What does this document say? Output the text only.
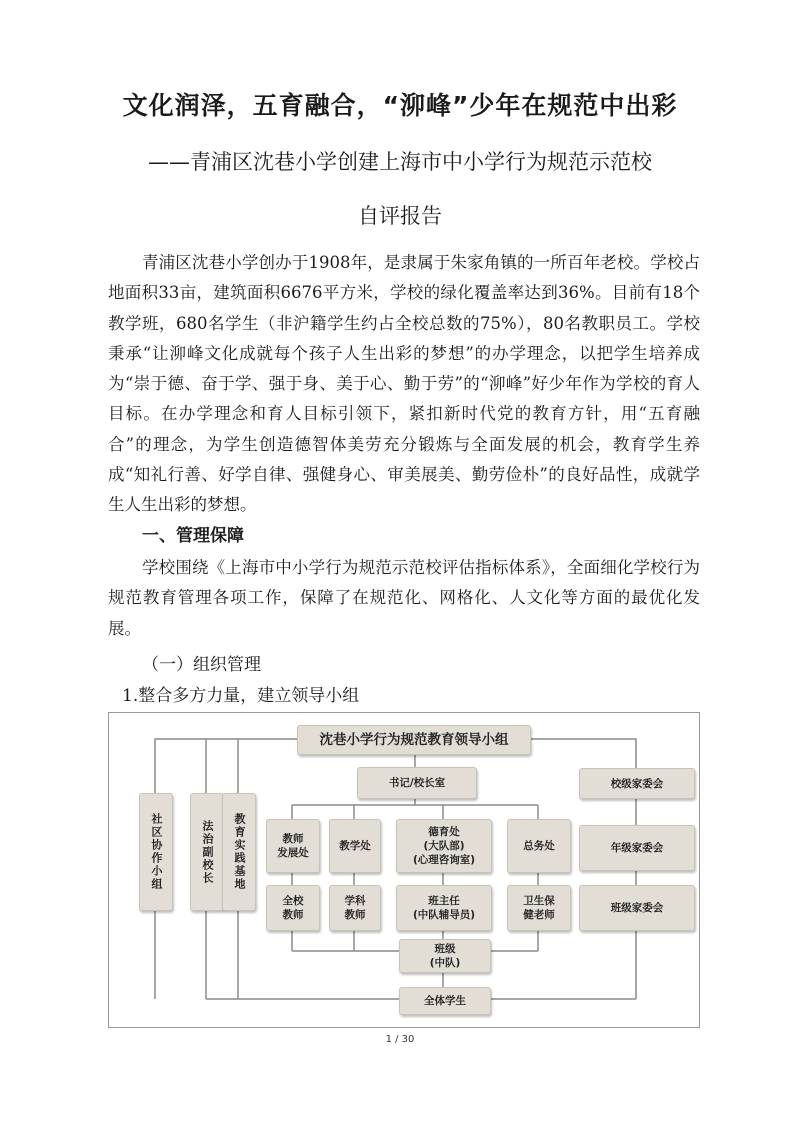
文化润泽，五育融合，“泖峰”少年在规范中出彩
——青浦区沈巷小学创建上海市中小学行为规范示范校
自评报告

青浦区沈巷小学创办于1908年，是隶属于朱家角镇的一所百年老校。学校占地面积33亩，建筑面积6676平方米，学校的绿化覆盖率达到36%。目前有18个教学班，680名学生（非沪籍学生约占全校总数的75%），80名教职员工。学校秉承“让泖峰文化成就每个孩子人生出彩的梦想”的办学理念，以把学生培养成为“崇于德、奋于学、强于身、美于心、勤于劳”的“泖峰”好少年作为学校的育人目标。在办学理念和育人目标引领下，紧扣新时代党的教育方针，用“五育融合”的理念，为学生创造德智体美劳充分锻炼与全面发展的机会，教育学生养成“知礼行善、好学自律、强健身心、审美展美、勤劳俭朴”的良好品性，成就学生人生出彩的梦想。

一、管理保障

学校围绕《上海市中小学行为规范示范校评估指标体系》，全面细化学校行为规范教育管理各项工作，保障了在规范化、网格化、人文化等方面的最优化发展。

（一）组织管理
1.整合多方力量，建立领导小组
沈巷小学行为规范教育领导小组
书记/校长室
社区协作小组	法治副校长	教育实践基地	教师
发展处
教学处
德育处
(大队部)
(心理咨询室)
总务处
全校
教师
学科
教师
班主任
(中队辅导员)
卫生保
健老师
班级
(中队)
全体学生
校级家委会
年级家委会
班级家委会
1 / 30
